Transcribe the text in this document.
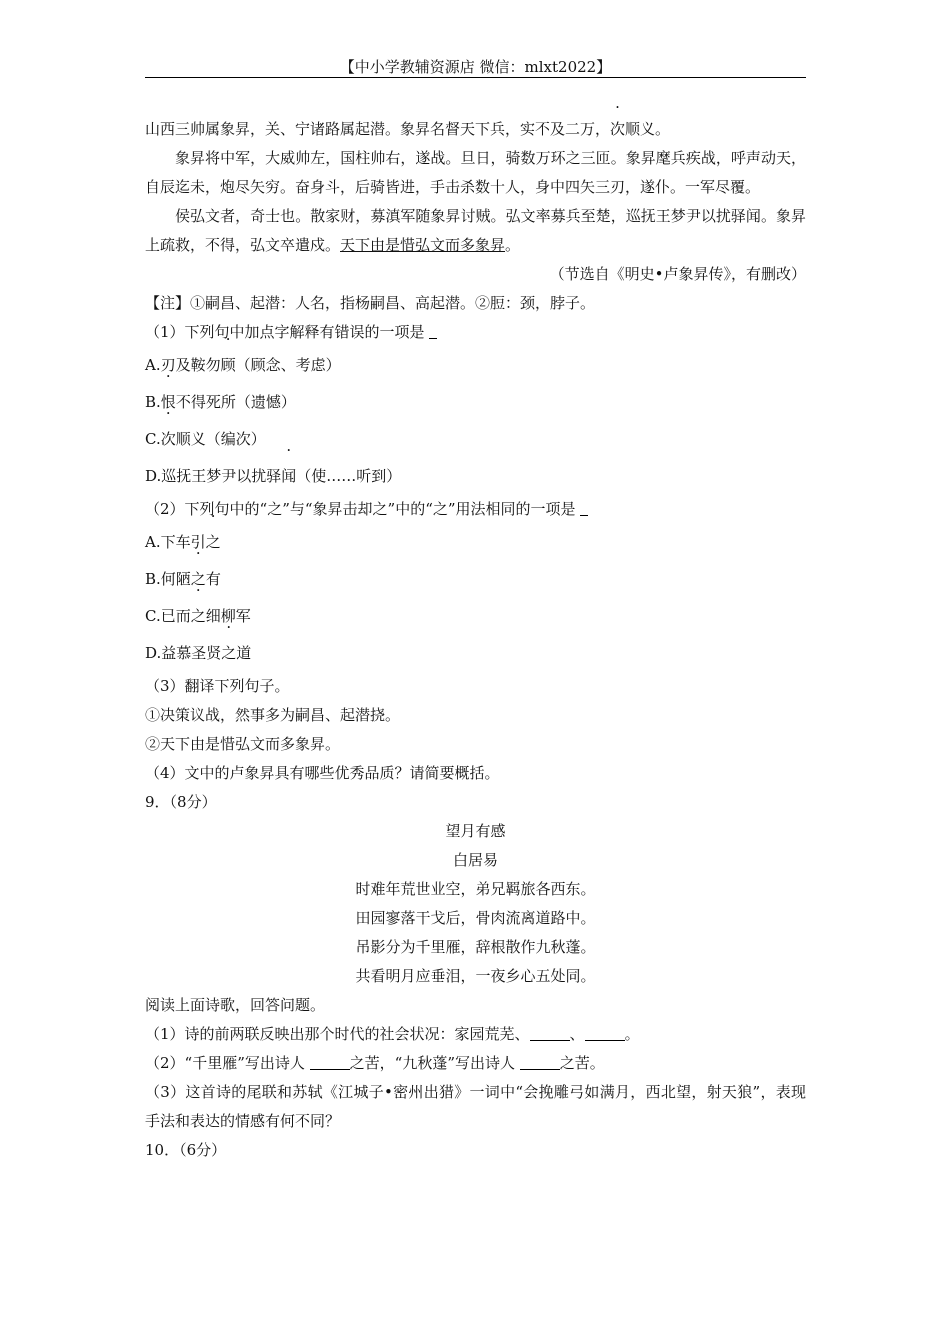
【中小学教辅资源店 微信：mlxt2022】
山西三帅属象昇，关、宁诸路属起潜。象昇名督天下兵，实不及二万，次顺义。
象昇将中军，大威帅左，国柱帅右，遂战。旦日，骑数万环之三匝。象昇麾兵疾战，呼声动天，自辰迄未，炮尽矢穷。奋身斗，后骑皆进，手击杀数十人，身中四矢三刃，遂仆。一军尽覆。
侯弘文者，奇士也。散家财，募滇军随象昇讨贼。弘文率募兵至楚，巡抚王梦尹以扰驿闻。象昇上疏救，不得，弘文卒遣戍。天下由是惜弘文而多象昇。
（节选自《明史•卢象昇传》，有删改）
【注】①嗣昌、起潜：人名，指杨嗣昌、高起潜。②脰：颈，脖子。
（1）下列句中加点字解释有错误的一项是
A.刃及鞍勿顾（顾念、考虑）
B.恨不得死所（遗憾）
C.次顺义（编次）
D.巡抚王梦尹以扰驿闻（使……听到）
（2）下列句中的“之”与“象昇击却之”中的“之”用法相同的一项是
A.下车引之
B.何陋之有
C.已而之细柳军
D.益慕圣贤之道
（3）翻译下列句子。
①决策议战，然事多为嗣昌、起潜挠。
②天下由是惜弘文而多象昇。
（4）文中的卢象昇具有哪些优秀品质？请简要概括。
9．（8分）
望月有感
白居易
时难年荒世业空，弟兄羁旅各西东。
田园寥落干戈后，骨肉流离道路中。
吊影分为千里雁，辞根散作九秋蓬。
共看明月应垂泪，一夜乡心五处同。
阅读上面诗歌，回答问题。
（1）诗的前两联反映出那个时代的社会状况：家园荒芜、	、	。
（2）“千里雁”写出诗人	之苦，“九秋蓬”写出诗人	之苦。
（3）这首诗的尾联和苏轼《江城子•密州出猎》一词中“会挽雕弓如满月，西北望，射天狼”，表现手法和表达的情感有何不同？
10．（6分）
